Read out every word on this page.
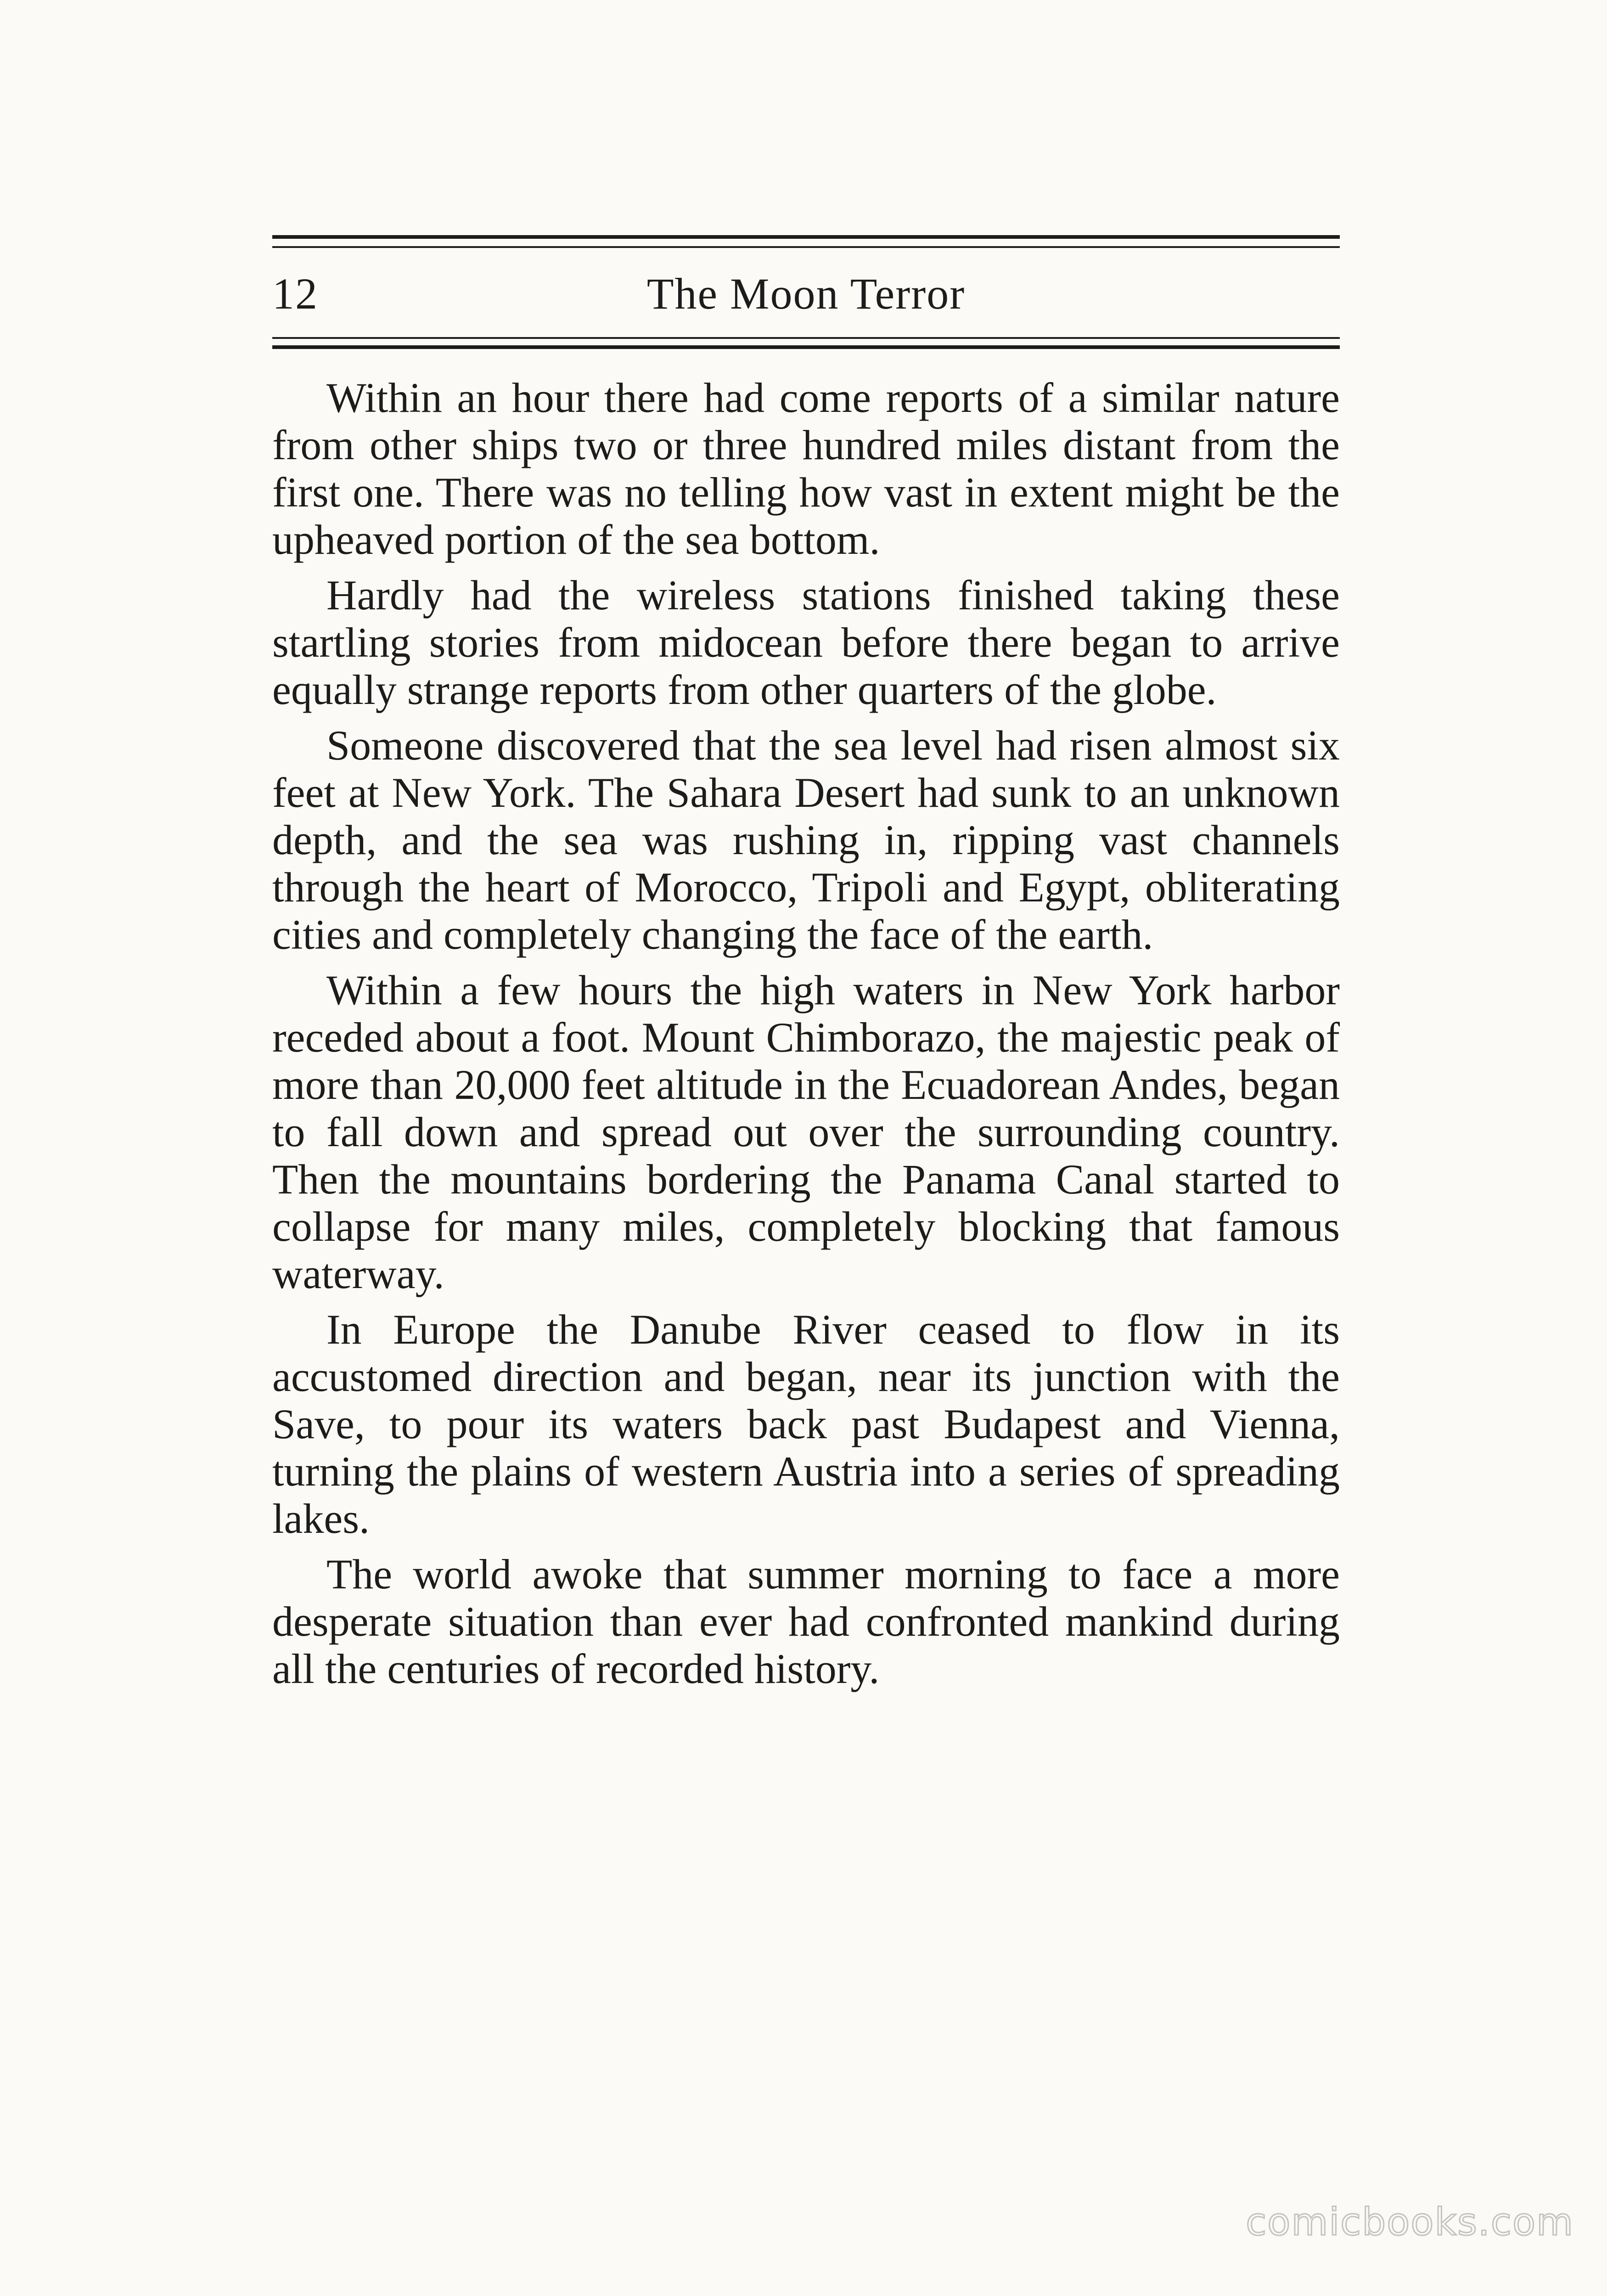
12	The Moon Terror

Within an hour there had come reports of a similar nature from other ships two or three hundred miles distant from the first one. There was no telling how vast in extent might be the upheaved portion of the sea bottom.

Hardly had the wireless stations finished taking these startling stories from midocean before there began to arrive equally strange reports from other quarters of the globe.

Someone discovered that the sea level had risen almost six feet at New York. The Sahara Desert had sunk to an unknown depth, and the sea was rushing in, ripping vast channels through the heart of Morocco, Tripoli and Egypt, obliterating cities and completely changing the face of the earth.

Within a few hours the high waters in New York harbor receded about a foot. Mount Chimborazo, the majestic peak of more than 20,000 feet altitude in the Ecuadorean Andes, began to fall down and spread out over the surrounding country. Then the mountains bordering the Panama Canal started to collapse for many miles, completely blocking that famous waterway.

In Europe the Danube River ceased to flow in its accustomed direction and began, near its junction with the Save, to pour its waters back past Budapest and Vienna, turning the plains of western Austria into a series of spreading lakes.

The world awoke that summer morning to face a more desperate situation than ever had confronted mankind during all the centuries of recorded history.

comicbooks.com
